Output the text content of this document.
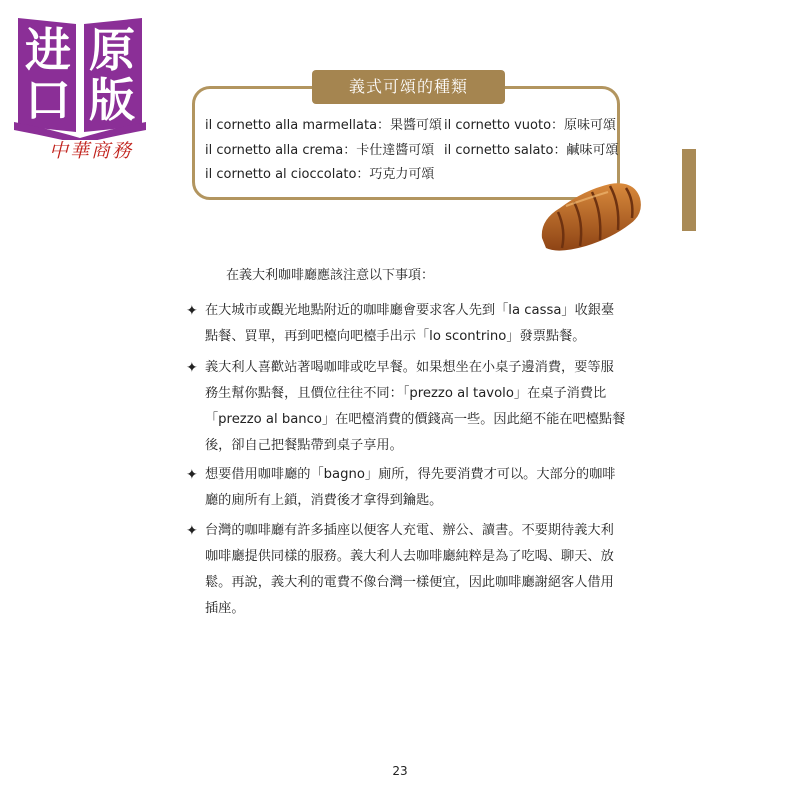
进 原
口 版
中華商務
義式可頌的種類
il cornetto alla marmellata：果醬可頌 il cornetto vuoto：原味可頌
il cornetto alla crema：卡仕達醬可頌 il cornetto salato：鹹味可頌
il cornetto al cioccolato：巧克力可頌
在義大利咖啡廳應該注意以下事項：
✦ 在大城市或觀光地點附近的咖啡廳會要求客人先到「la cassa」收銀臺
點餐、買單，再到吧檯向吧檯手出示「lo scontrino」發票點餐。
✦ 義大利人喜歡站著喝咖啡或吃早餐。如果想坐在小桌子邊消費，要等服
務生幫你點餐，且價位往往不同：「prezzo al tavolo」在桌子消費比
「prezzo al banco」在吧檯消費的價錢高一些。因此絕不能在吧檯點餐
後，卻自己把餐點帶到桌子享用。
✦ 想要借用咖啡廳的「bagno」廁所，得先要消費才可以。大部分的咖啡
廳的廁所有上鎖，消費後才拿得到鑰匙。
✦ 台灣的咖啡廳有許多插座以便客人充電、辦公、讀書。不要期待義大利
咖啡廳提供同樣的服務。義大利人去咖啡廳純粹是為了吃喝、聊天、放
鬆。再說，義大利的電費不像台灣一樣便宜，因此咖啡廳謝絕客人借用
插座。
23
